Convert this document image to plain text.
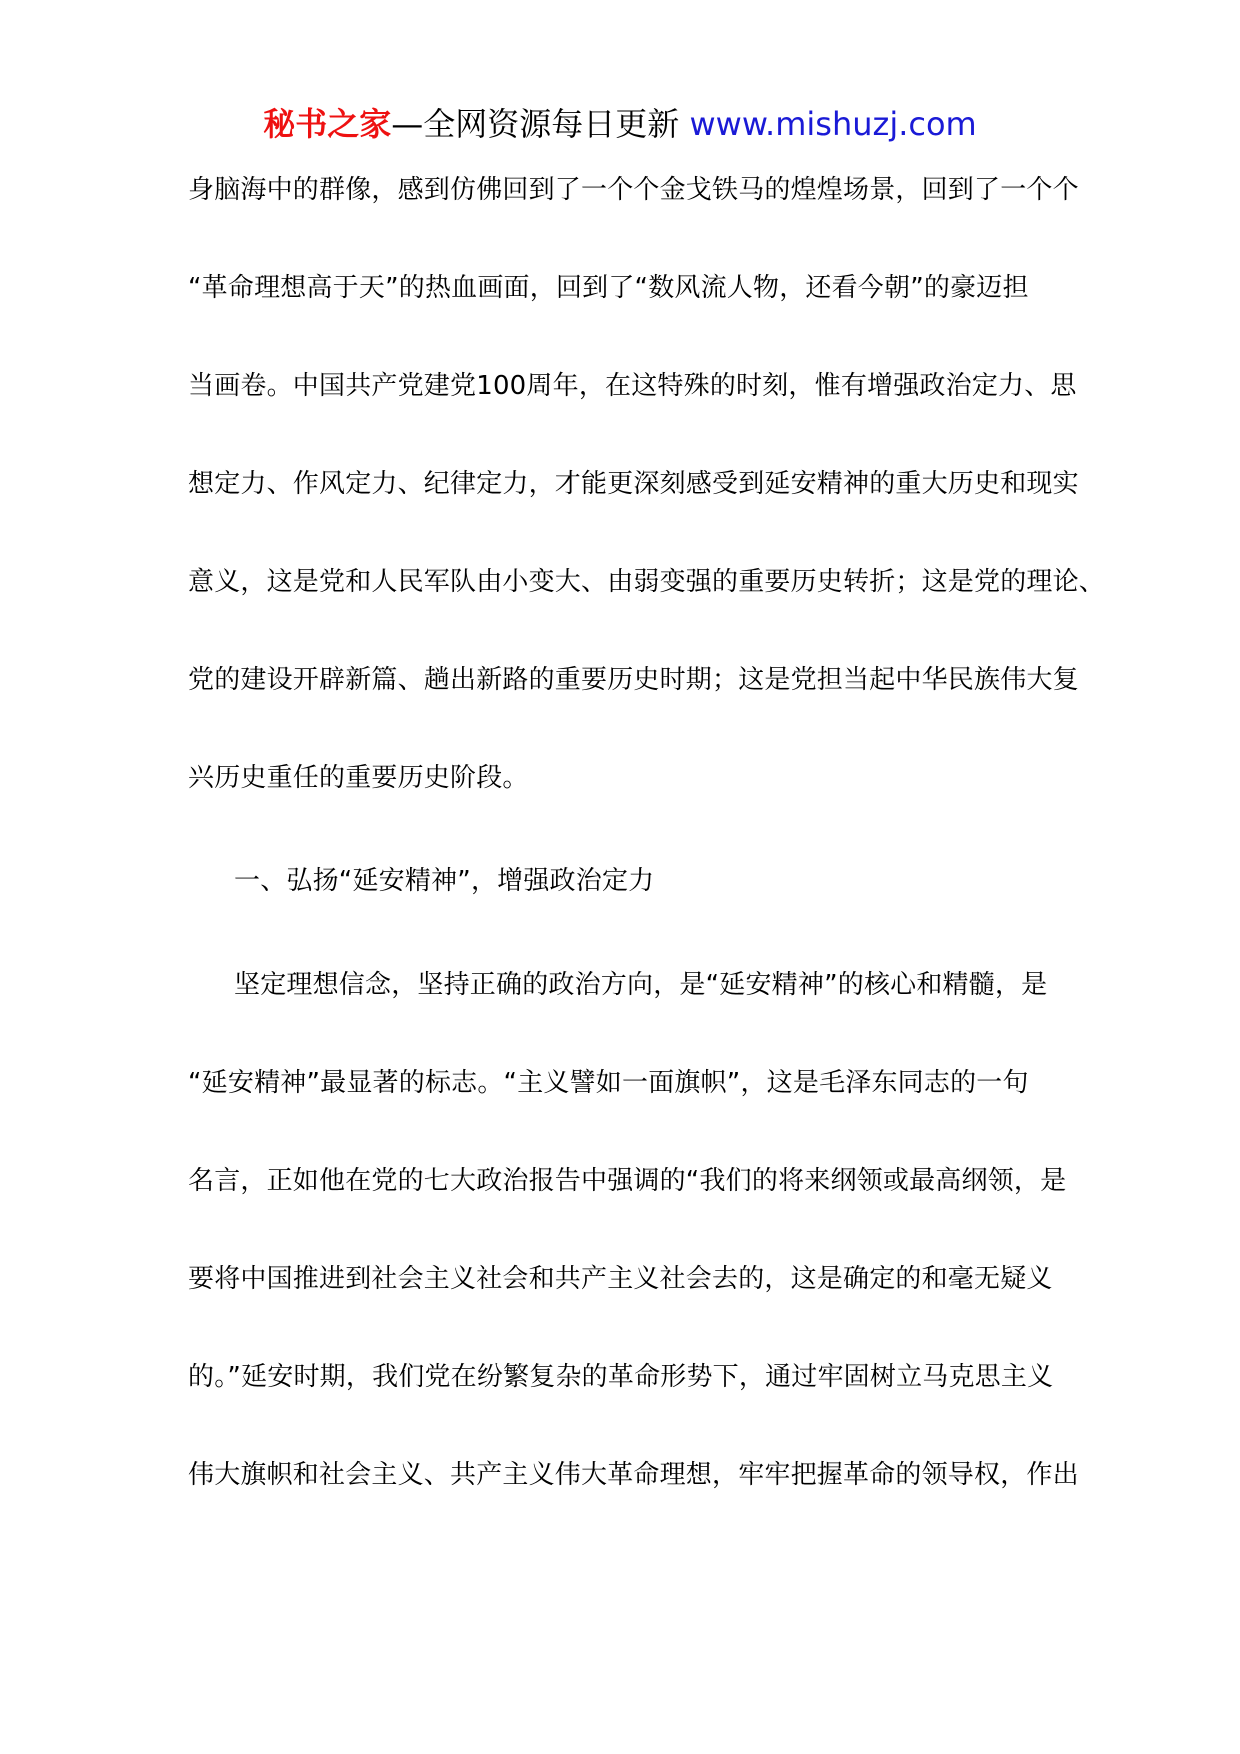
秘书之家—全网资源每日更新 www.mishuzj.com
身脑海中的群像，感到仿佛回到了一个个金戈铁马的煌煌场景，回到了一个个
“革命理想高于天”的热血画面，回到了“数风流人物，还看今朝”的豪迈担
当画卷。中国共产党建党100周年，在这特殊的时刻，惟有增强政治定力、思
想定力、作风定力、纪律定力，才能更深刻感受到延安精神的重大历史和现实
意义，这是党和人民军队由小变大、由弱变强的重要历史转折；这是党的理论、
党的建设开辟新篇、趟出新路的重要历史时期；这是党担当起中华民族伟大复
兴历史重任的重要历史阶段。
一、弘扬“延安精神”，增强政治定力
坚定理想信念，坚持正确的政治方向，是“延安精神”的核心和精髓，是
“延安精神”最显著的标志。“主义譬如一面旗帜”，这是毛泽东同志的一句
名言，正如他在党的七大政治报告中强调的“我们的将来纲领或最高纲领，是
要将中国推进到社会主义社会和共产主义社会去的，这是确定的和毫无疑义
的。”延安时期，我们党在纷繁复杂的革命形势下，通过牢固树立马克思主义
伟大旗帜和社会主义、共产主义伟大革命理想，牢牢把握革命的领导权，作出
